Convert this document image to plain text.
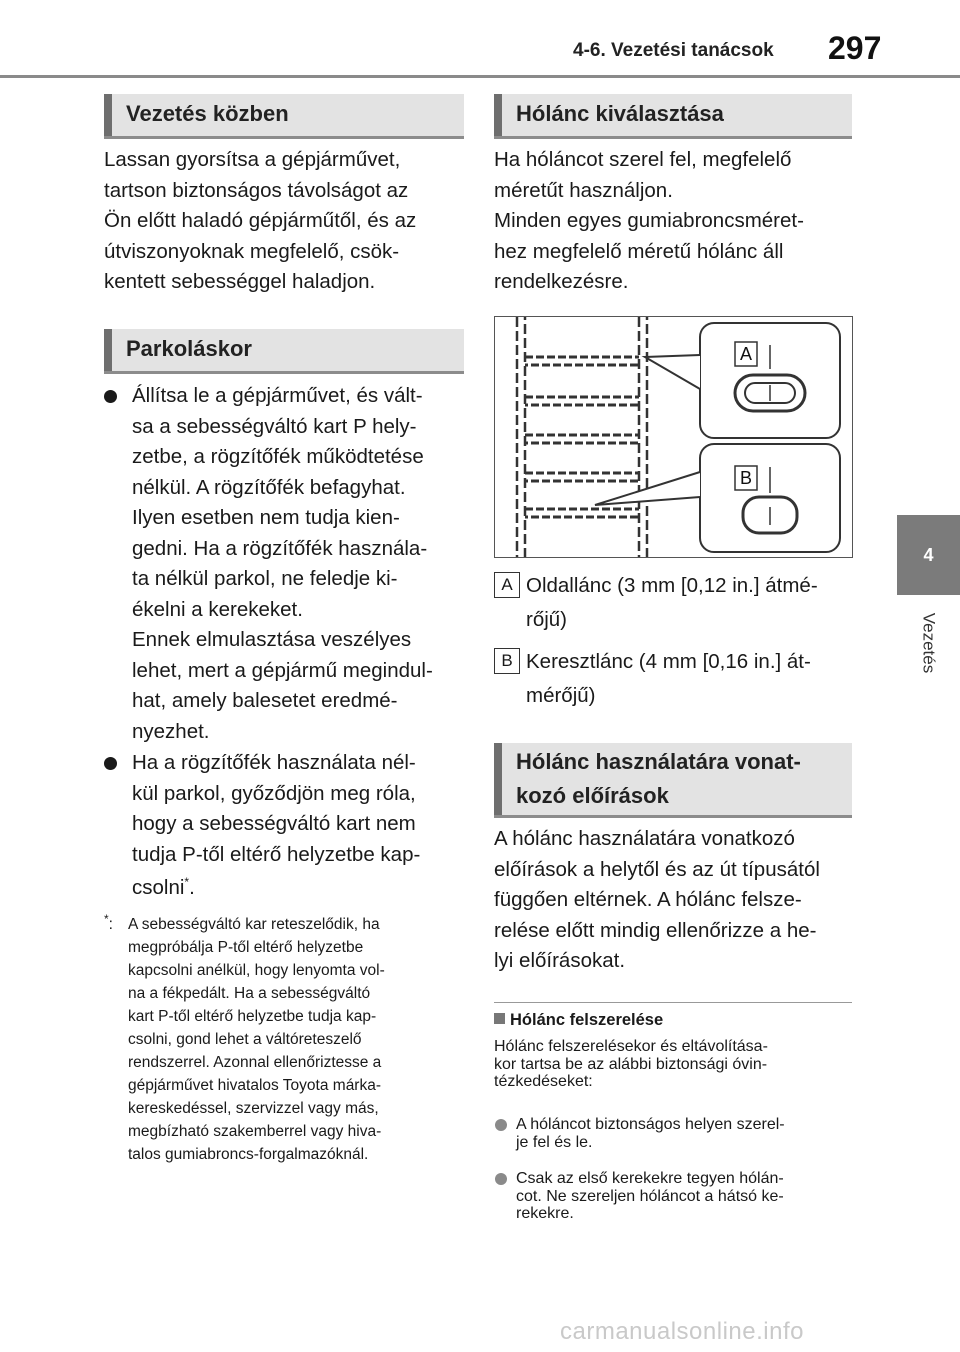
4-6. Vezetési tanácsok 297
4
Vezetés
Vezetés közben
Lassan gyorsítsa a gépjárművet,
tartson biztonságos távolságot az
Ön előtt haladó gépjárműtől, és az
útviszonyoknak megfelelő, csök-
kentett sebességgel haladjon.
Parkoláskor
Állítsa le a gépjárművet, és vált-
sa a sebességváltó kart P hely-
zetbe, a rögzítőfék működtetése
nélkül. A rögzítőfék befagyhat.
Ilyen esetben nem tudja kien-
gedni. Ha a rögzítőfék használa-
ta nélkül parkol, ne feledje ki-
ékelni a kerekeket.
Ennek elmulasztása veszélyes
lehet, mert a gépjármű megindul-
hat, amely balesetet eredmé-
nyezhet.
Ha a rögzítőfék használata nél-
kül parkol, győződjön meg róla,
hogy a sebességváltó kart nem
tudja P-től eltérő helyzetbe kap-
csolni*.
*: A sebességváltó kar reteszelődik, ha
megpróbálja P-től eltérő helyzetbe
kapcsolni anélkül, hogy lenyomta vol-
na a fékpedált. Ha a sebességváltó
kart P-től eltérő helyzetbe tudja kap-
csolni, gond lehet a váltóreteszelő
rendszerrel. Azonnal ellenőriztesse a
gépjárművet hivatalos Toyota márka-
kereskedéssel, szervizzel vagy más,
megbízható szakemberrel vagy hiva-
talos gumiabroncs-forgalmazóknál.
Hólánc kiválasztása
Ha hóláncot szerel fel, megfelelő
méretűt használjon.
Minden egyes gumiabroncsméret-
hez megfelelő méretű hólánc áll
rendelkezésre.
A
B
A Oldallánc (3 mm [0,12 in.] átmé-
rőjű)
B Keresztlánc (4 mm [0,16 in.] át-
mérőjű)
Hólánc használatára vonat-
kozó előírások
A hólánc használatára vonatkozó
előírások a helytől és az út típusától
függően eltérnek. A hólánc felsze-
relése előtt mindig ellenőrizze a he-
lyi előírásokat.
Hólánc felszerelése
Hólánc felszerelésekor és eltávolítása-
kor tartsa be az alábbi biztonsági óvin-
tézkedéseket:
A hóláncot biztonságos helyen szerel-
je fel és le.
Csak az első kerekekre tegyen hólán-
cot. Ne szereljen hóláncot a hátsó ke-
rekekre.
carmanualsonline.info
